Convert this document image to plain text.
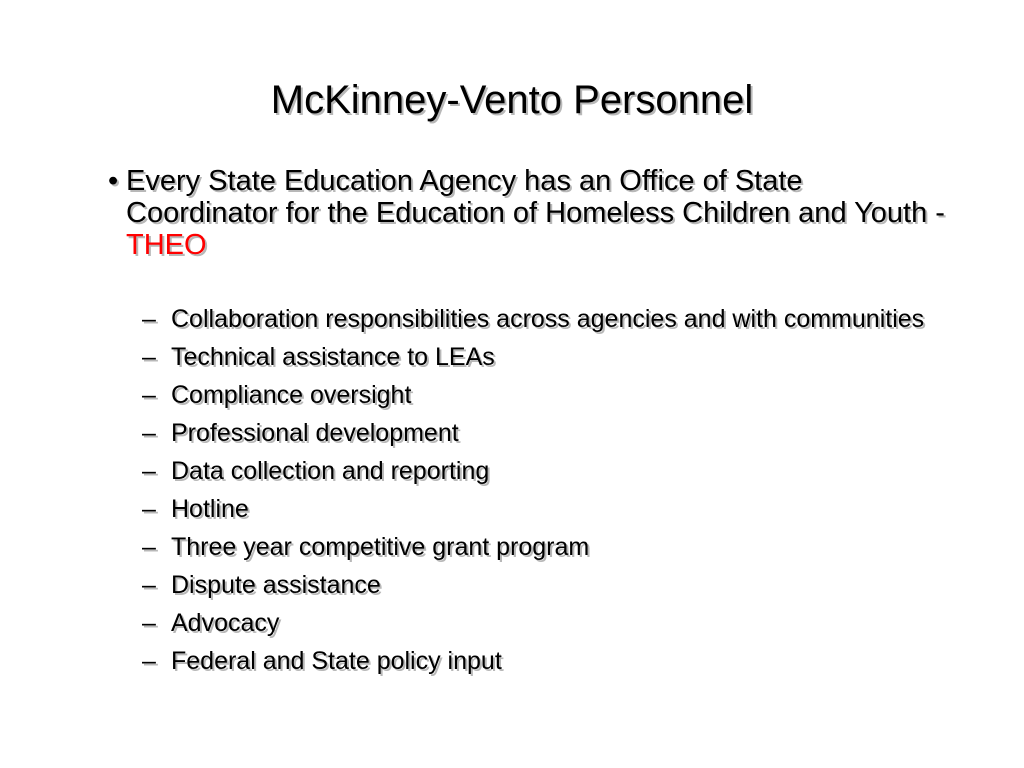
McKinney-Vento Personnel
• Every State Education Agency has an Office of State Coordinator for the Education of Homeless Children and Youth - THEO
– Collaboration responsibilities across agencies and with communities
– Technical assistance to LEAs
– Compliance oversight
– Professional development
– Data collection and reporting
– Hotline
– Three year competitive grant program
– Dispute assistance
– Advocacy
– Federal and State policy input
